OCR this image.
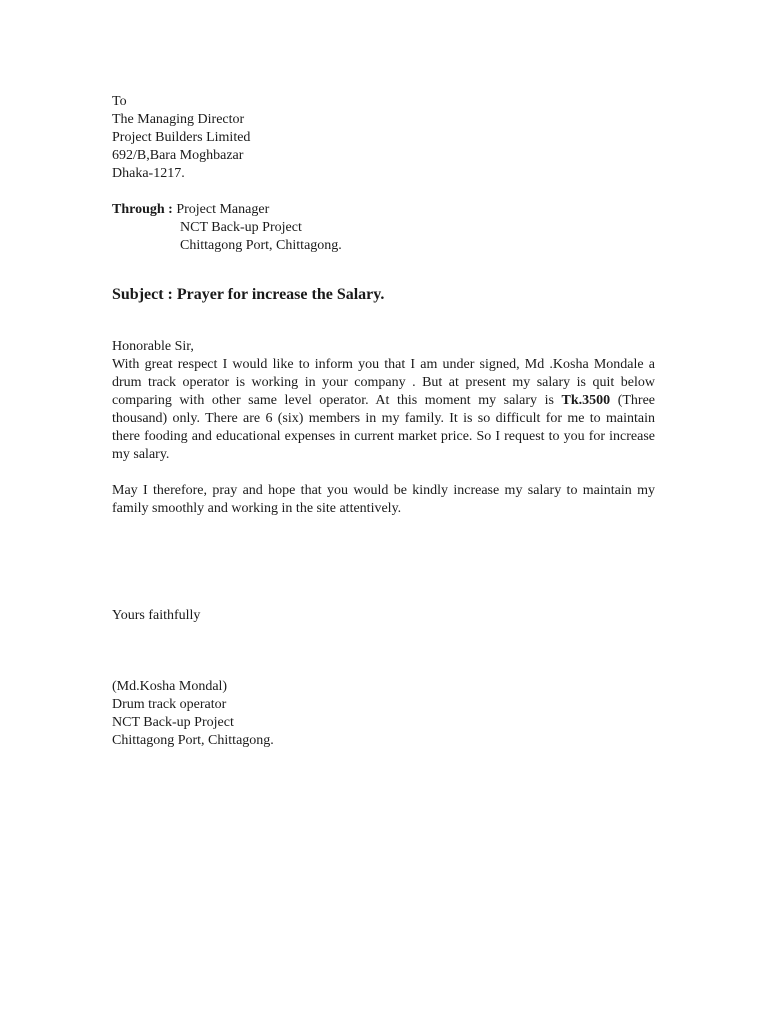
To
The Managing Director
Project Builders Limited
692/B,Bara Moghbazar
Dhaka-1217.
Through : Project Manager
NCT Back-up Project
Chittagong Port, Chittagong.
Subject : Prayer for increase the Salary.
Honorable Sir,

With great respect I would like to inform you that I am under signed, Md .Kosha Mondale a drum track operator is working in your company . But at present my salary is quit below comparing with other same level operator. At this moment my salary is Tk.3500 (Three thousand) only. There are 6 (six) members in my family. It is so difficult for me to maintain there fooding and educational expenses in current market price. So I request to you for increase my salary.

May I therefore, pray and hope that you would be kindly increase my salary to maintain my family smoothly and working in the site attentively.

Yours faithfully
(Md.Kosha Mondal)
Drum track operator
NCT Back-up Project
Chittagong Port, Chittagong.
